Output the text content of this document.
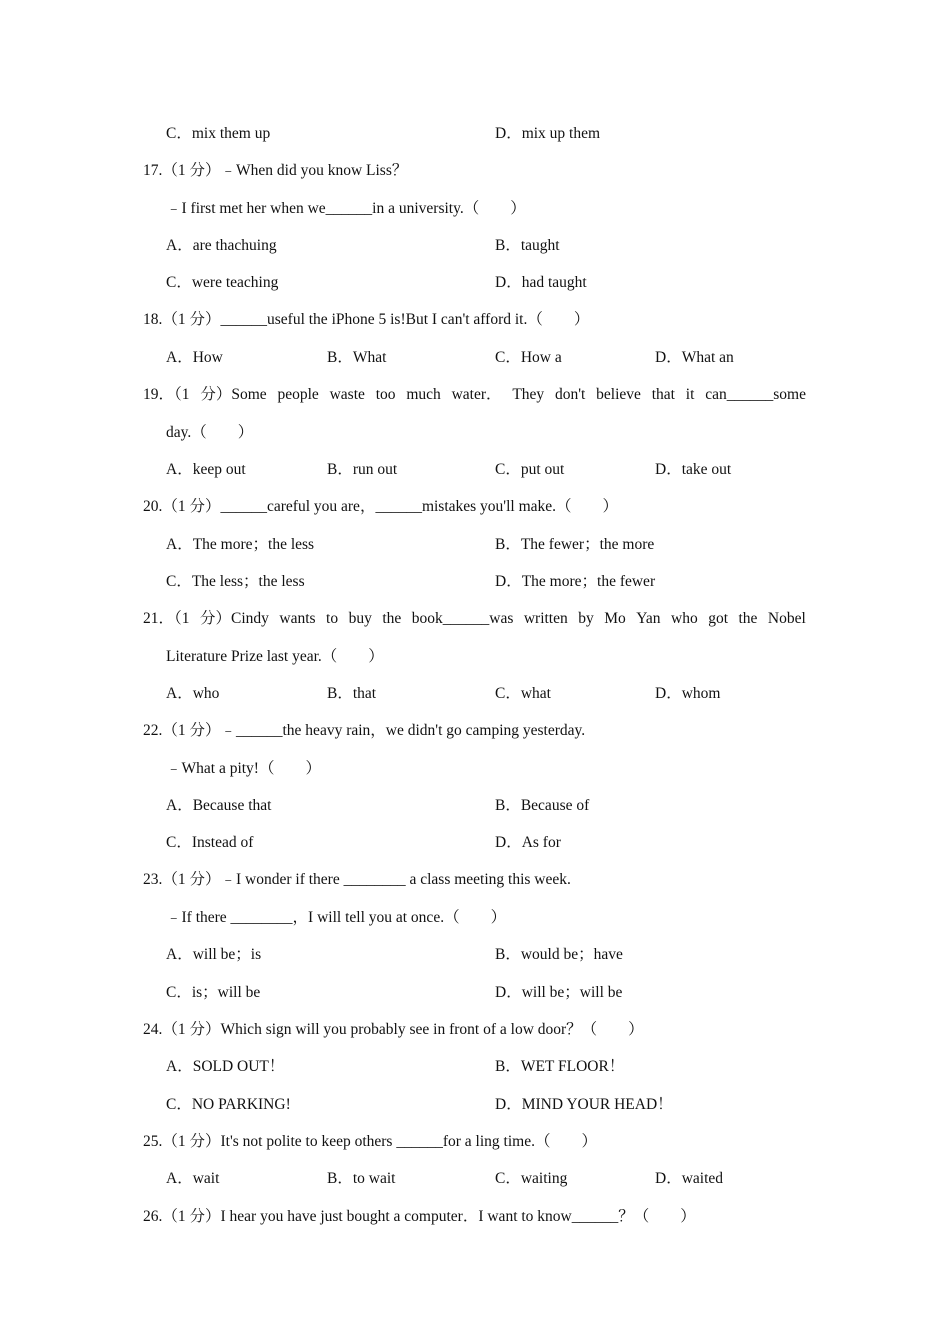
C．mix them up	D．mix up them
17.（1 分）﹣When did you know Liss？
﹣I first met her when we______in a university.（　　）
A．are thachuing	B．taught
C．were teaching	D．had taught
18.（1 分）______useful the iPhone 5 is!But I can't afford it.（　　）
A．How	B．What	C．How a	D．What an
19．（1 分）Some people waste too much water． They don't believe that it can______some
day.（　　）
A．keep out	B．run out	C．put out	D．take out
20.（1 分）______careful you are，______mistakes you'll make.（　　）
A．The more；the less	B．The fewer；the more
C．The less；the less	D．The more；the fewer
21．（1 分）Cindy wants to buy the book______was written by Mo Yan who got the Nobel
Literature Prize last year.（　　）
A．who	B．that	C．what	D．whom
22.（1 分）﹣______the heavy rain，we didn't go camping yesterday.
﹣What a pity!（　　）
A．Because that	B．Because of
C．Instead of	D．As for
23.（1 分）﹣I wonder if there ________ a class meeting this week.
﹣If there ________，I will tell you at once.（　　）
A．will be；is	B．would be；have
C．is；will be	D．will be；will be
24.（1 分）Which sign will you probably see in front of a low door？（　　）
A．SOLD OUT！	B．WET FLOOR！
C．NO PARKING!	D．MIND YOUR HEAD！
25.（1 分）It's not polite to keep others ______for a ling time.（　　）
A．wait	B．to wait	C．waiting	D．waited
26.（1 分）I hear you have just bought a computer．I want to know______？（　　）
